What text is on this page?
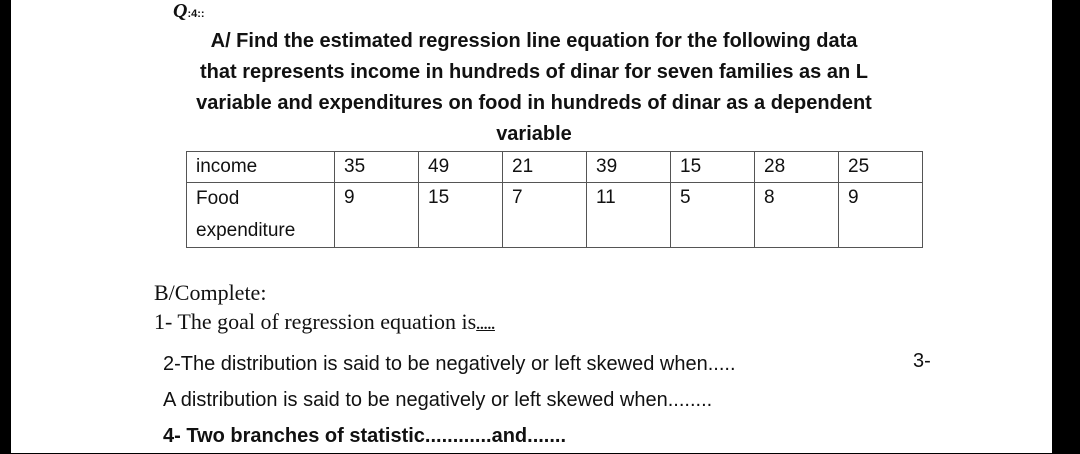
Q:4::
A/ Find the estimated regression line equation for the following data
that represents income in hundreds of dinar for seven families as an L
variable and expenditures on food in hundreds of dinar as a dependent
variable
income	35	49	21	39	15	28	25

Food
expenditure	9	15	7	11	5	8	9
B/Complete:
1- The goal of regression equation is.....
2-The distribution is said to be negatively or left skewed when.....
A distribution is said to be negatively or left skewed when........
4- Two branches of statistic............and.......
3-
